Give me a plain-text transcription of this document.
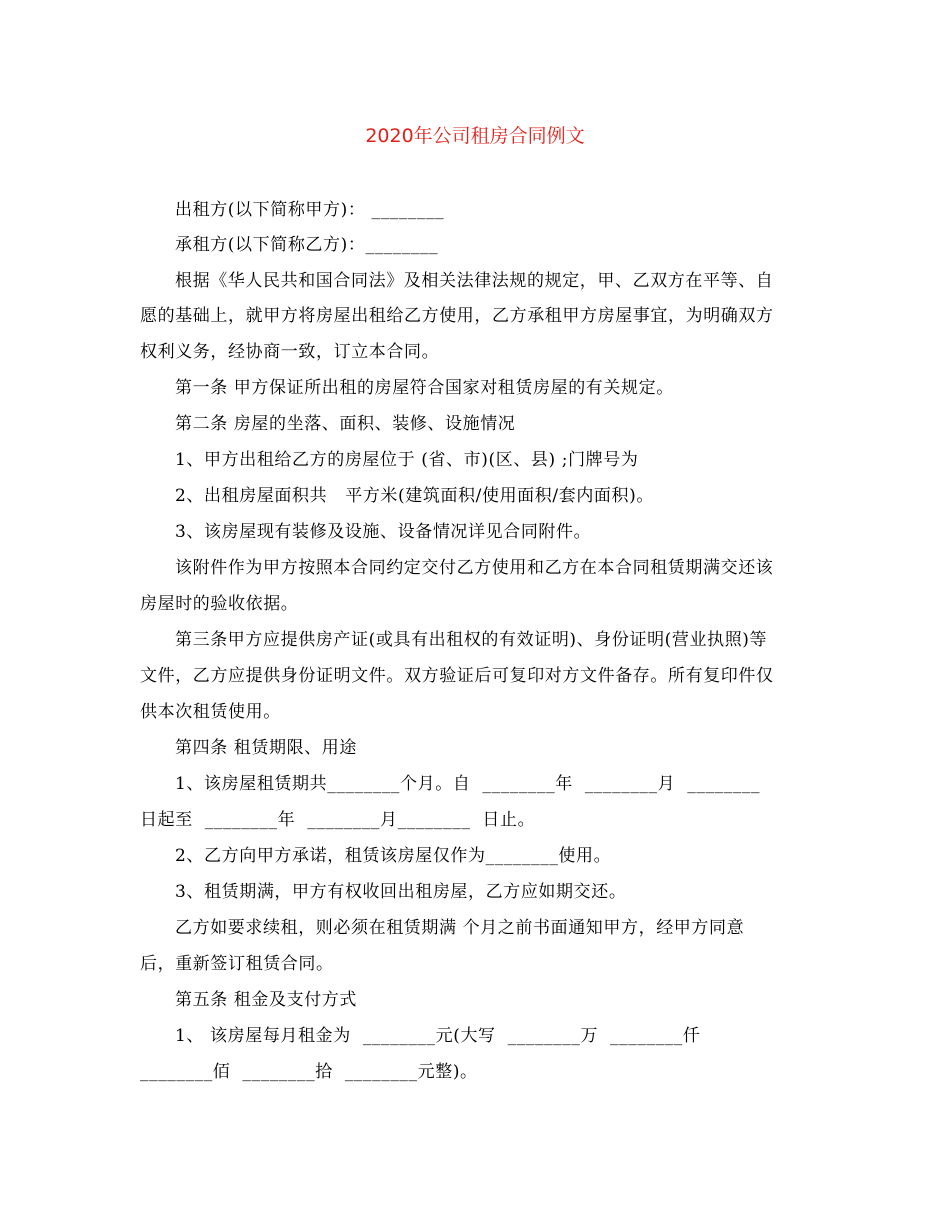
2020年公司租房合同例文
出租方(以下简称甲方)： ________
承租方(以下简称乙方)：________
根据《华人民共和国合同法》及相关法律法规的规定，甲、乙双方在平等、自
愿的基础上，就甲方将房屋出租给乙方使用，乙方承租甲方房屋事宜，为明确双方
权利义务，经协商一致，订立本合同。
第一条 甲方保证所出租的房屋符合国家对租赁房屋的有关规定。
第二条 房屋的坐落、面积、装修、设施情况
1、甲方出租给乙方的房屋位于 (省、市)(区、县) ;门牌号为
2、出租房屋面积共   平方米(建筑面积/使用面积/套内面积)。
3、该房屋现有装修及设施、设备情况详见合同附件。
该附件作为甲方按照本合同约定交付乙方使用和乙方在本合同租赁期满交还该
房屋时的验收依据。
第三条甲方应提供房产证(或具有出租权的有效证明)、身份证明(营业执照)等
文件，乙方应提供身份证明文件。双方验证后可复印对方文件备存。所有复印件仅
供本次租赁使用。
第四条 租赁期限、用途
1、该房屋租赁期共________个月。自  ________年  ________月  ________
日起至  ________年  ________月________  日止。
2、乙方向甲方承诺，租赁该房屋仅作为________使用。
3、租赁期满，甲方有权收回出租房屋，乙方应如期交还。
乙方如要求续租，则必须在租赁期满 个月之前书面通知甲方，经甲方同意
后，重新签订租赁合同。
第五条 租金及支付方式
1、 该房屋每月租金为  ________元(大写  ________万  ________仟
________佰  ________拾  ________元整)。
